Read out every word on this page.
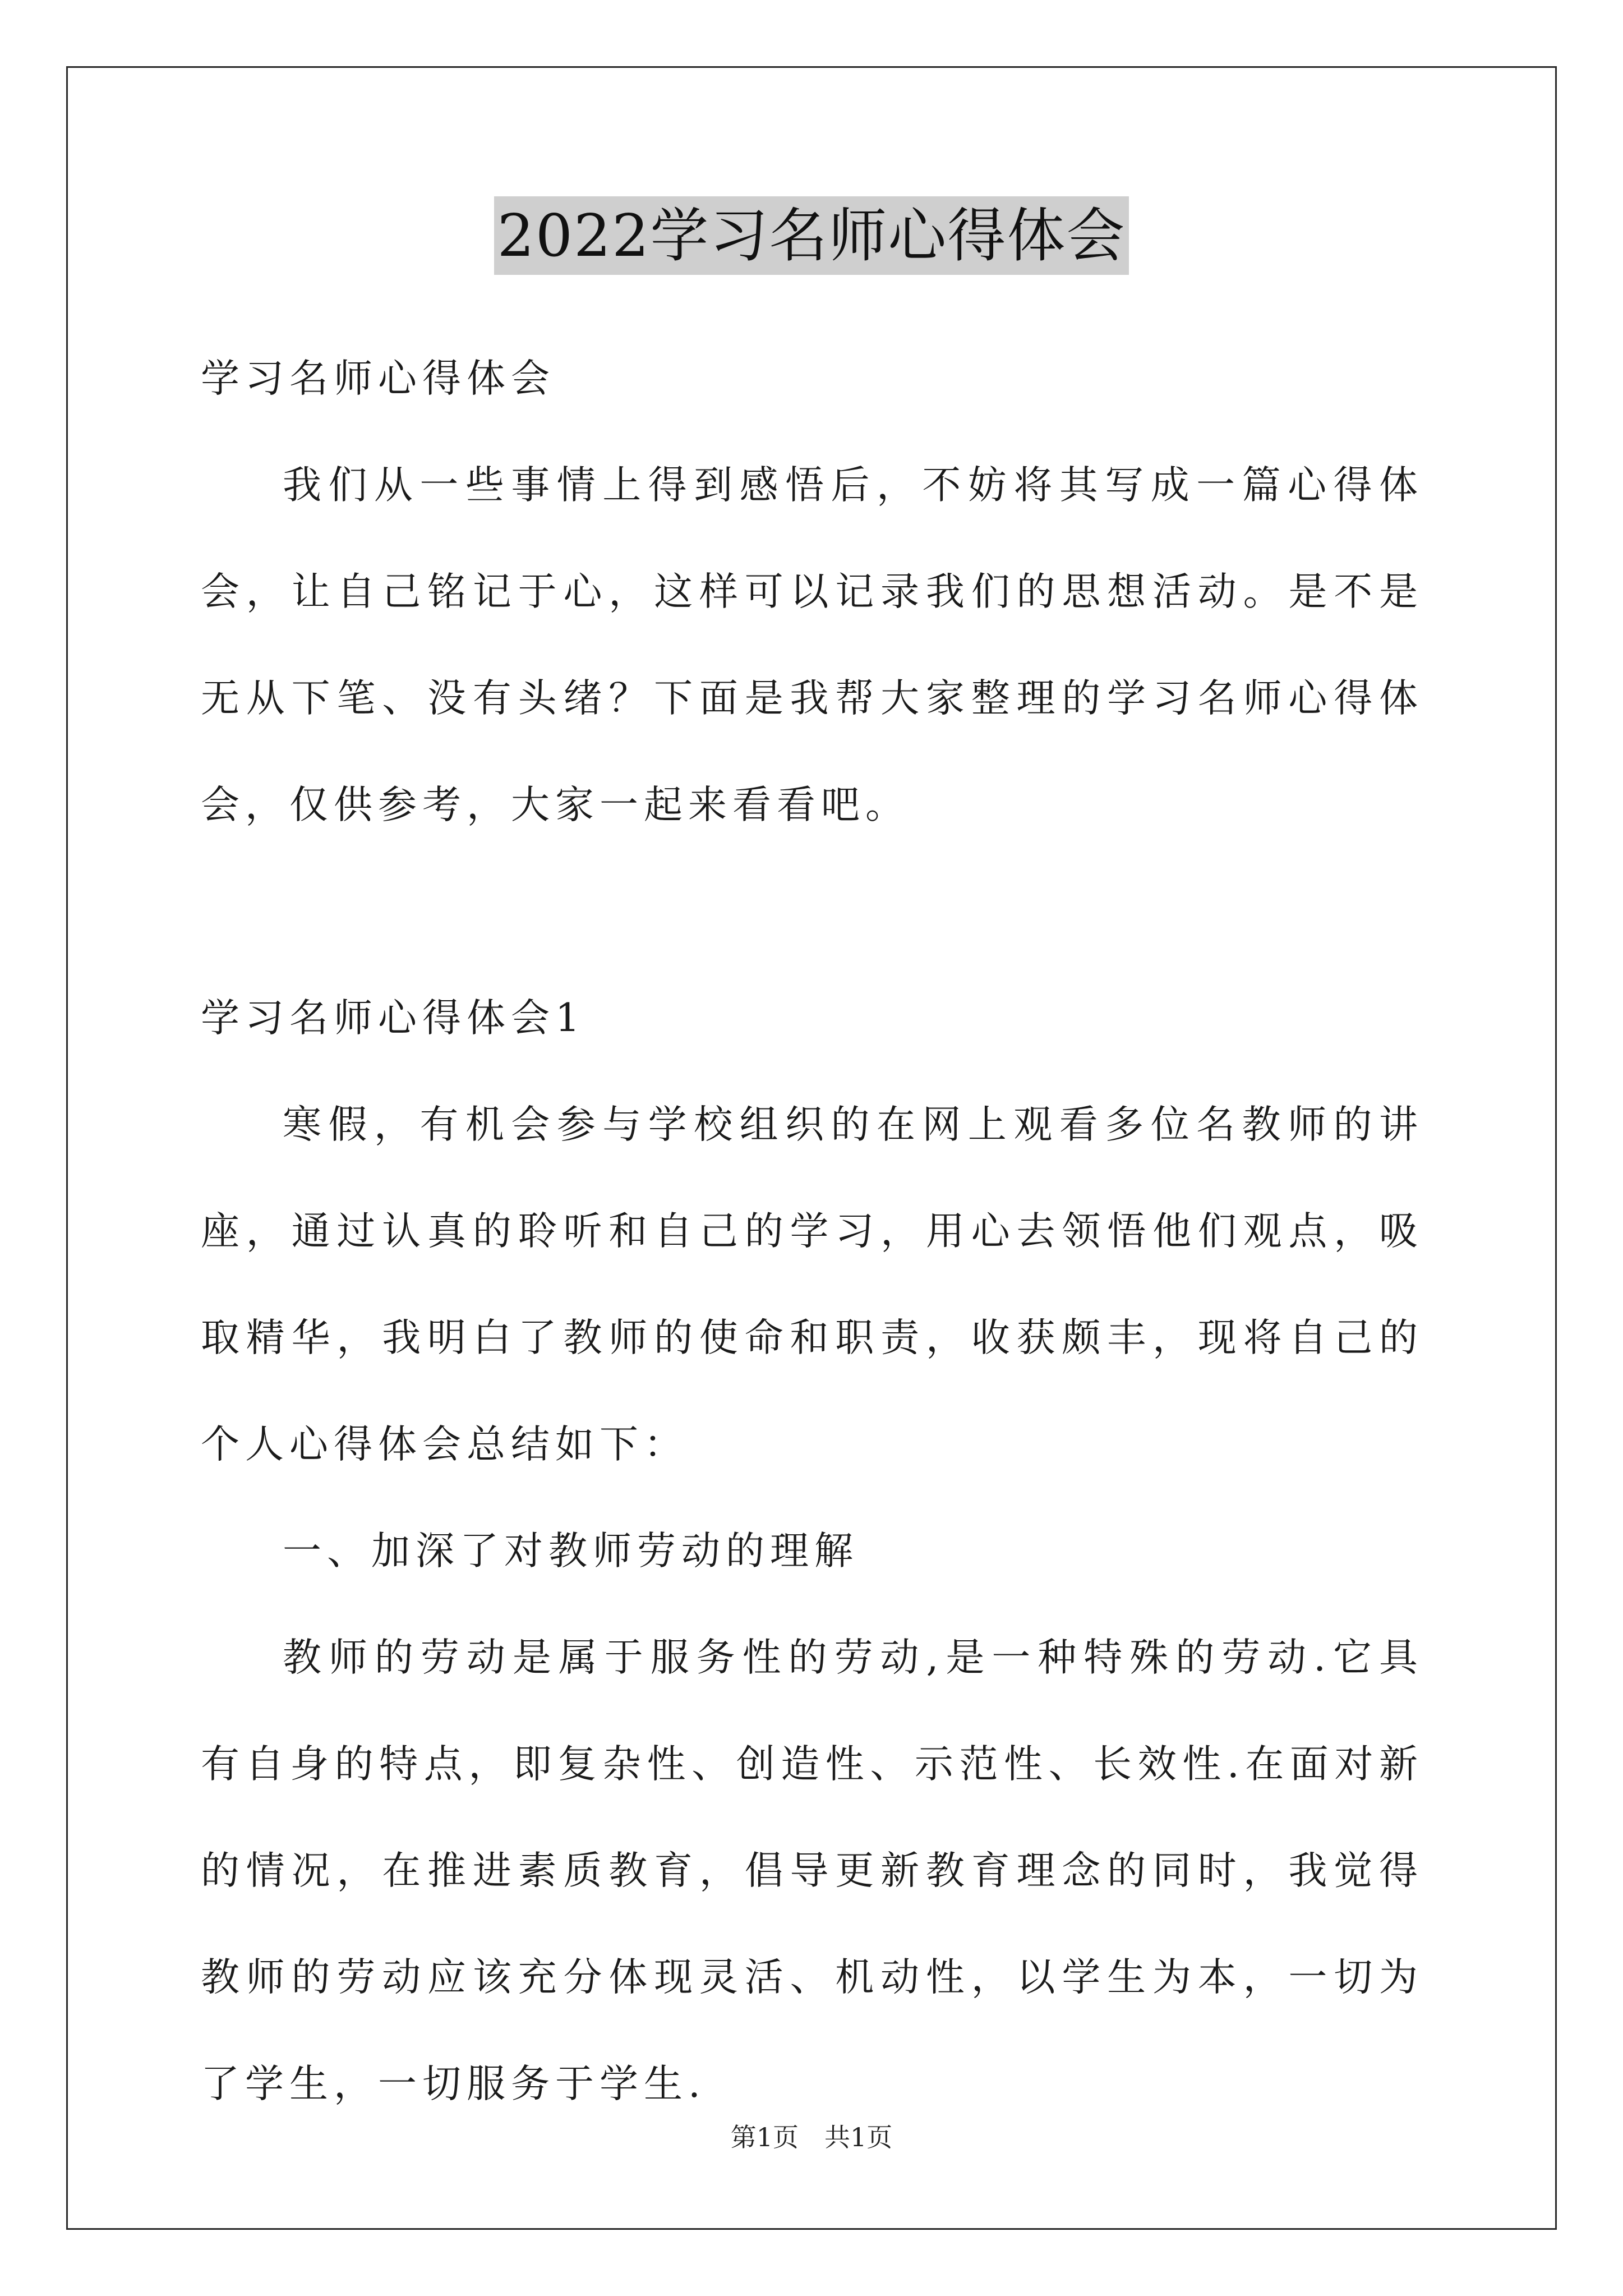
2022学习名师心得体会

学习名师心得体会

我们从一些事情上得到感悟后，不妨将其写成一篇心得体会，让自己铭记于心，这样可以记录我们的思想活动。是不是无从下笔、没有头绪？下面是我帮大家整理的学习名师心得体会，仅供参考，大家一起来看看吧。

学习名师心得体会1

寒假，有机会参与学校组织的在网上观看多位名教师的讲座，通过认真的聆听和自己的学习，用心去领悟他们观点，吸取精华，我明白了教师的使命和职责，收获颇丰，现将自己的个人心得体会总结如下：

一、加深了对教师劳动的理解

教师的劳动是属于服务性的劳动,是一种特殊的劳动.它具有自身的特点，即复杂性、创造性、示范性、长效性.在面对新的情况，在推进素质教育，倡导更新教育理念的同时，我觉得教师的劳动应该充分体现灵活、机动性，以学生为本，一切为了学生，一切服务于学生.

第1页　共1页
